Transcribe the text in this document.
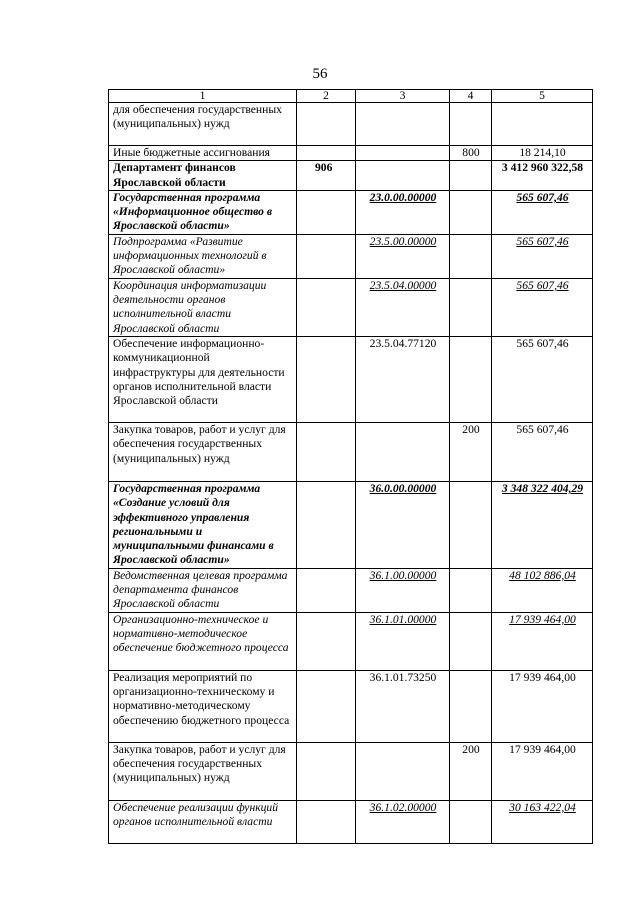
56
1	2	3	4	5
для обеспечения государственных (муниципальных) нужд				
Иные бюджетные ассигнования			800	18 214,10
Департамент финансов Ярославской области	906			3 412 960 322,58
Государственная программа «Информационное общество в Ярославской области»		23.0.00.00000		565 607,46
Подпрограмма «Развитие информационных технологий в Ярославской области»		23.5.00.00000		565 607,46
Координация информатизации деятельности органов исполнительной власти Ярославской области		23.5.04.00000		565 607,46
Обеспечение информационно-коммуникационной инфраструктуры для деятельности органов исполнительной власти Ярославской области		23.5.04.77120		565 607,46
Закупка товаров, работ и услуг для обеспечения государственных (муниципальных) нужд			200	565 607,46
Государственная программа «Создание условий для эффективного управления региональными и муниципальными финансами в Ярославской области»		36.0.00.00000		3 348 322 404,29
Ведомственная целевая программа департамента финансов Ярославской области		36.1.00.00000		48 102 886,04
Организационно-техническое и нормативно-методическое обеспечение бюджетного процесса		36.1.01.00000		17 939 464,00
Реализация мероприятий по организационно-техническому и нормативно-методическому обеспечению бюджетного процесса		36.1.01.73250		17 939 464,00
Закупка товаров, работ и услуг для обеспечения государственных (муниципальных) нужд			200	17 939 464,00
Обеспечение реализации функций органов исполнительной власти		36.1.02.00000		30 163 422,04
